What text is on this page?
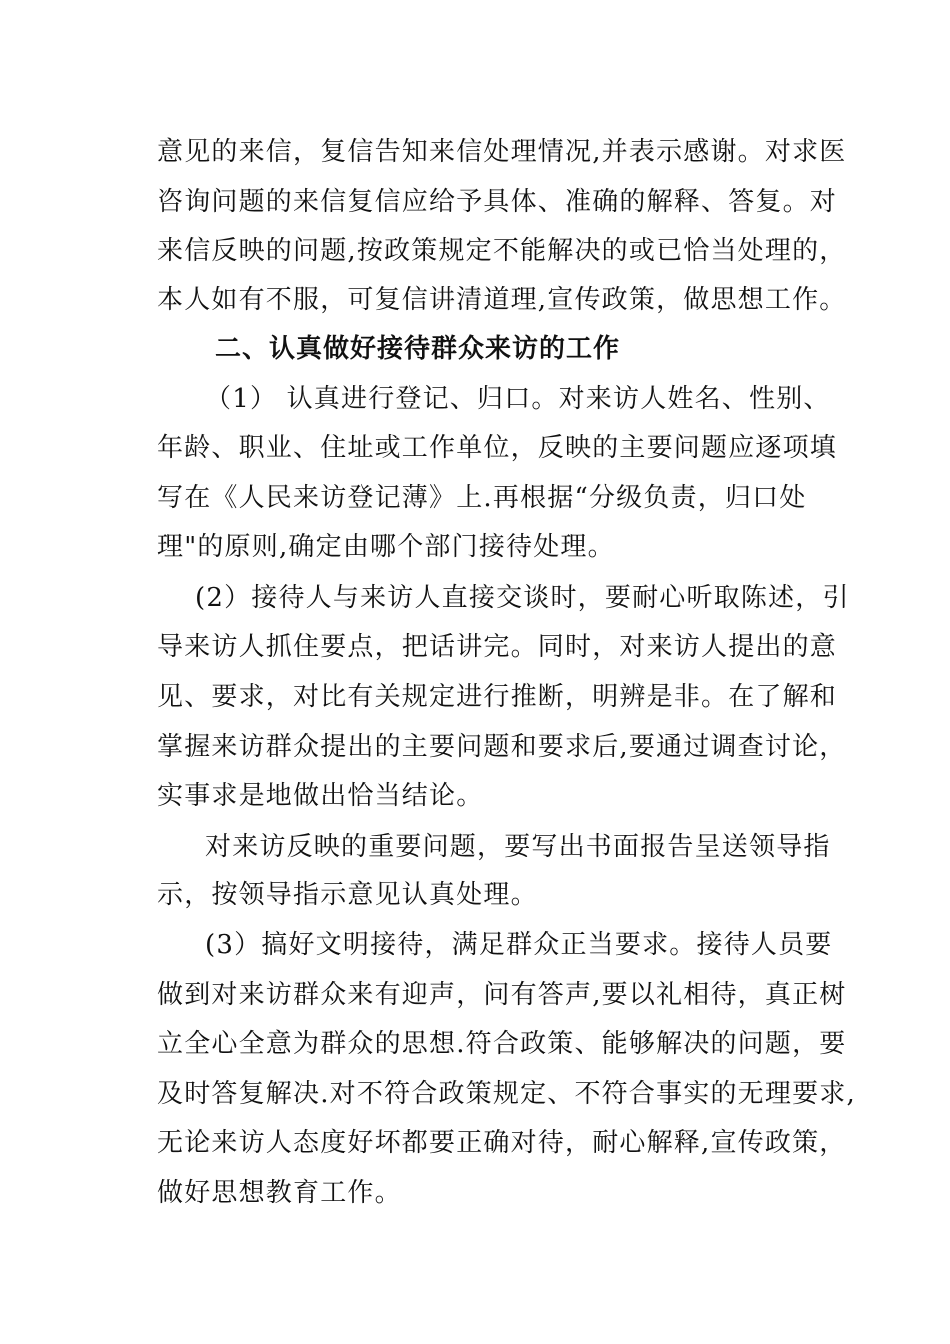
意见的来信，复信告知来信处理情况,并表示感谢。对求医
咨询问题的来信复信应给予具体、准确的解释、答复。对
来信反映的问题,按政策规定不能解决的或已恰当处理的，
本人如有不服，可复信讲清道理,宣传政策，做思想工作。
二、认真做好接待群众来访的工作
（1） 认真进行登记、归口。对来访人姓名、性别、
年龄、职业、住址或工作单位，反映的主要问题应逐项填
写在《人民来访登记薄》上.再根据“分级负责，归口处
理"的原则,确定由哪个部门接待处理。
(2）接待人与来访人直接交谈时，要耐心听取陈述，引
导来访人抓住要点，把话讲完。同时，对来访人提出的意
见、要求，对比有关规定进行推断，明辨是非。在了解和
掌握来访群众提出的主要问题和要求后,要通过调查讨论，
实事求是地做出恰当结论。
对来访反映的重要问题，要写出书面报告呈送领导指
示，按领导指示意见认真处理。
(3）搞好文明接待，满足群众正当要求。接待人员要
做到对来访群众来有迎声，问有答声,要以礼相待，真正树
立全心全意为群众的思想.符合政策、能够解决的问题，要
及时答复解决.对不符合政策规定、不符合事实的无理要求,
无论来访人态度好坏都要正确对待，耐心解释,宣传政策，
做好思想教育工作。
